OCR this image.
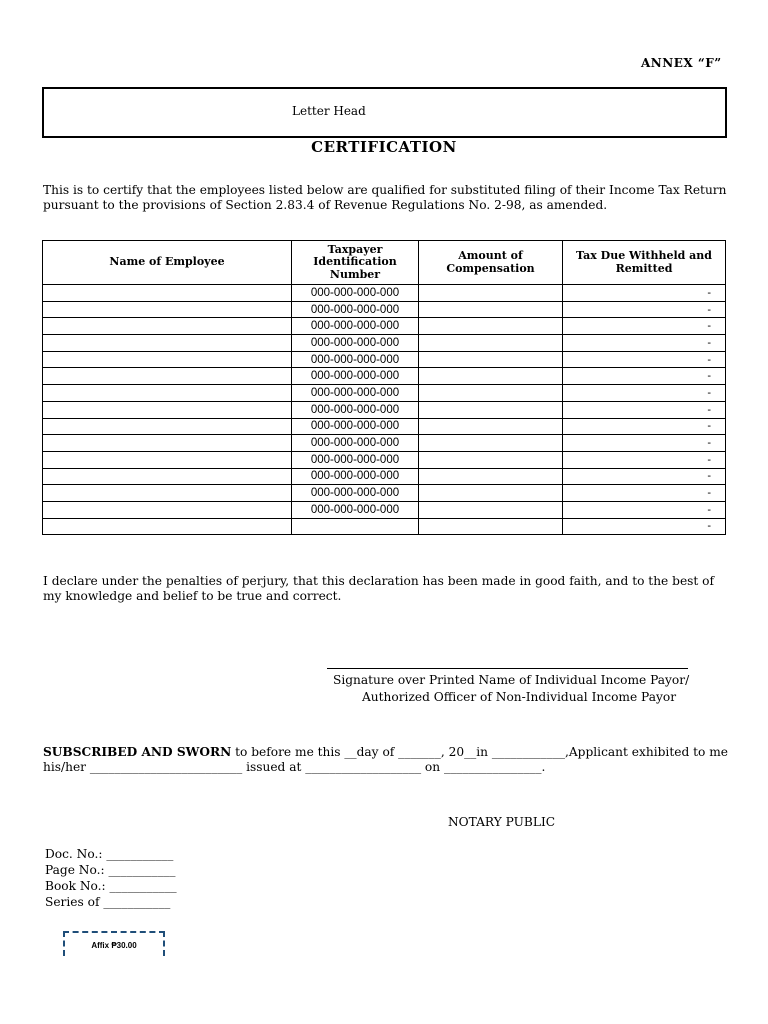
ANNEX “F”
Letter Head
CERTIFICATION
This is to certify that the employees listed below are qualified for substituted filing of their Income Tax Return pursuant to the provisions of Section 2.83.4 of Revenue Regulations No. 2-98, as amended.
Name of Employee	Taxpayer Identification Number	Amount of Compensation	Tax Due Withheld and Remitted
	000-000-000-000		-
	000-000-000-000		-
	000-000-000-000		-
	000-000-000-000		-
	000-000-000-000		-
	000-000-000-000		-
	000-000-000-000		-
	000-000-000-000		-
	000-000-000-000		-
	000-000-000-000		-
	000-000-000-000		-
	000-000-000-000		-
	000-000-000-000		-
	000-000-000-000		-
			-
I declare under the penalties of perjury, that this declaration has been made in good faith, and to the best of my knowledge and belief to be true and correct.
Signature over Printed Name of Individual Income Payor/
Authorized Officer of Non-Individual Income Payor
SUBSCRIBED AND SWORN to before me this __day of _______, 20__in ____________,Applicant exhibited to me his/her _________________________ issued at ___________________ on ________________.
NOTARY PUBLIC
Doc. No.: ___________
Page No.: ___________
Book No.: ___________
Series of ___________
Affix ₱30.00
